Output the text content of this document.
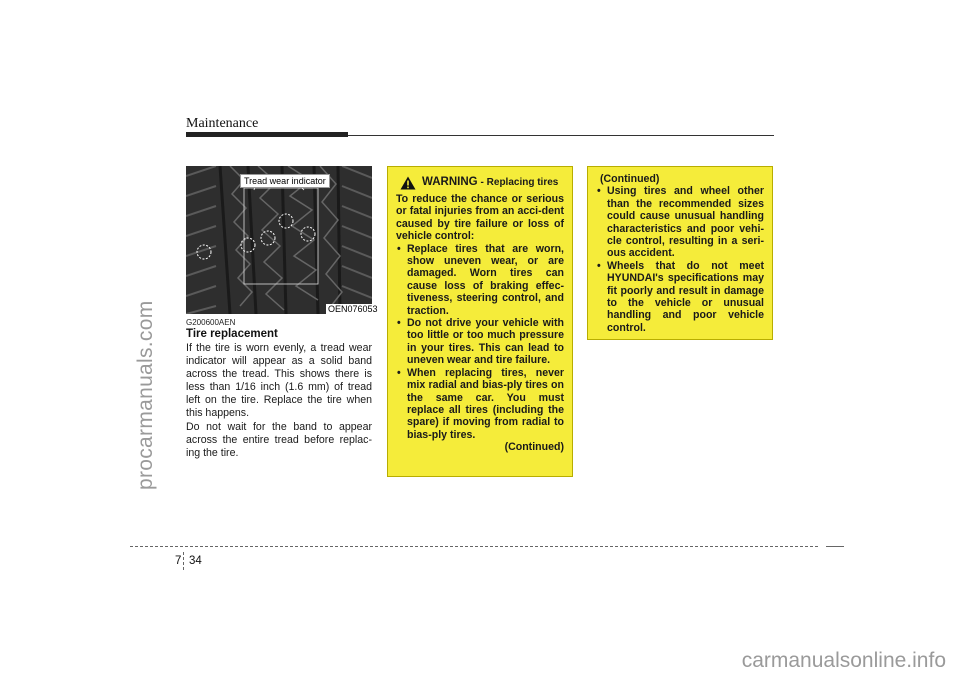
procarmanuals.com
Maintenance
Tread wear indicator
OEN076053
G200600AEN
Tire replacement

If the tire is worn evenly, a tread wear indicator will appear as a solid band across the tread. This shows there is less than 1/16 inch (1.6 mm) of tread left on the tire. Replace the tire when this happens.

Do not wait for the band to appear across the entire tread before replac-ing the tire.

WARNING - Replacing tires

To reduce the chance or serious or fatal injuries from an acci-dent caused by tire failure or loss of vehicle control:

• Replace tires that are worn, show uneven wear, or are damaged. Worn tires can cause loss of braking effec-tiveness, steering control, and traction.
• Do not drive your vehicle with too little or too much pressure in your tires. This can lead to uneven wear and tire failure.
• When replacing tires, never mix radial and bias-ply tires on the same car. You must replace all tires (including the spare) if moving from radial to bias-ply tires.
(Continued)

(Continued)

• Using tires and wheel other than the recommended sizes could cause unusual handling characteristics and poor vehi-cle control, resulting in a seri-ous accident.
• Wheels that do not meet HYUNDAI's specifications may fit poorly and result in damage to the vehicle or unusual handling and poor vehicle control.
7 34
carmanualsonline.info
